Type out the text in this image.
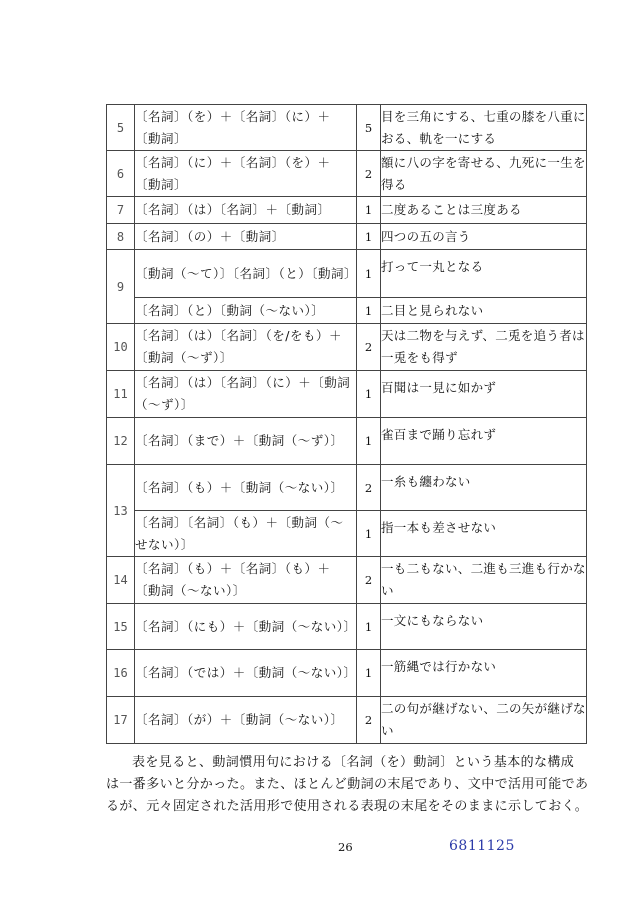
5	〔名詞〕（を）＋〔名詞〕（に）＋〔動詞〕	5	目を三角にする、七重の膝を八重におる、軌を一にする
6	〔名詞〕（に）＋〔名詞〕（を）＋〔動詞〕	2	額に八の字を寄せる、九死に一生を得る
7	〔名詞〕（は）〔名詞〕＋〔動詞〕	1	二度あることは三度ある
8	〔名詞〕（の）＋〔動詞〕	1	四つの五の言う
9	〔動詞（～て）〕〔名詞〕（と）〔動詞〕	1	打って一丸となる
	〔名詞〕（と）〔動詞（～ない）〕	1	二目と見られない
10	〔名詞〕（は）〔名詞〕（を/をも）＋〔動詞（～ず）〕	2	天は二物を与えず、二兎を追う者は一兎をも得ず
11	〔名詞〕（は）〔名詞〕（に）＋〔動詞（～ず）〕	1	百聞は一見に如かず
12	〔名詞〕（まで）＋〔動詞（～ず）〕	1	雀百まで踊り忘れず
13	〔名詞〕（も）＋〔動詞（～ない）〕	2	一糸も纏わない
	〔名詞〕〔名詞〕（も）＋〔動詞（～せない）〕	1	指一本も差させない
14	〔名詞〕（も）＋〔名詞〕（も）＋〔動詞（～ない）〕	2	一も二もない、二進も三進も行かない
15	〔名詞〕（にも）＋〔動詞（～ない）〕	1	一文にもならない
16	〔名詞〕（では）＋〔動詞（～ない）〕	1	一筋縄では行かない
17	〔名詞〕（が）＋〔動詞（～ない）〕	2	二の句が継げない、二の矢が継げない
表を見ると、動詞慣用句における〔名詞（を）動詞〕という基本的な構成
は一番多いと分かった。また、ほとんど動詞の末尾であり、文中で活用可能であ
るが、元々固定された活用形で使用される表現の末尾をそのままに示しておく。
26	6811125
